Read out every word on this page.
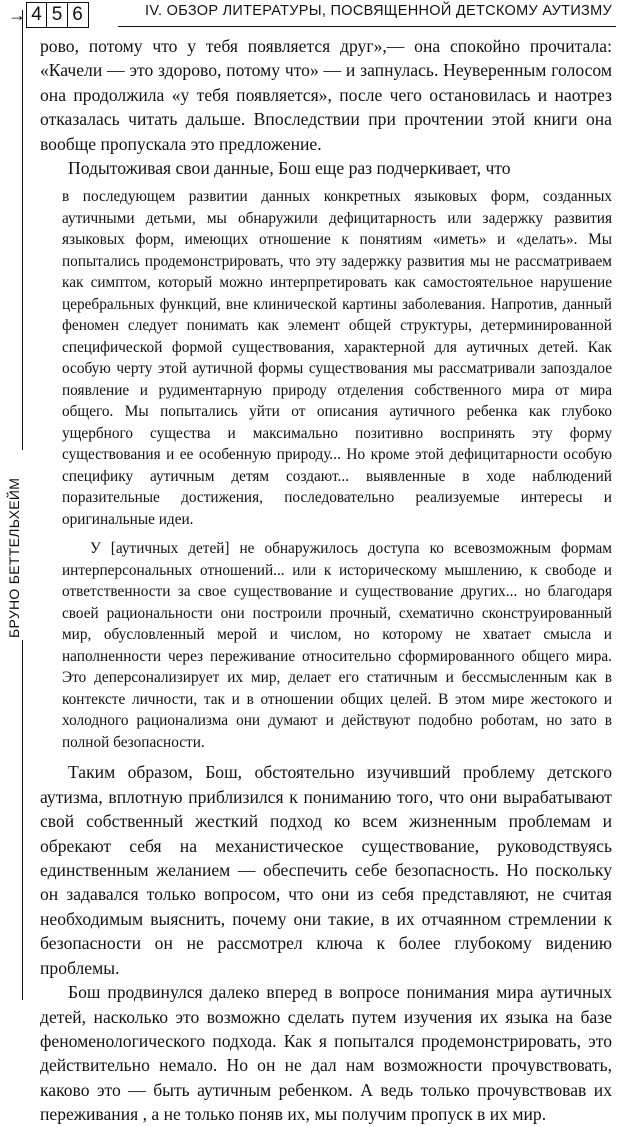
→ 4 5 6	IV. ОБЗОР ЛИТЕРАТУРЫ, ПОСВЯЩЕННОЙ ДЕТСКОМУ АУТИЗМУ
БРУНО БЕТТЕЛЬХЕЙМ

рово, потому что у тебя появляется друг»,— она спокойно прочитала: «Качели — это здорово, потому что» — и запнулась. Неуверенным голосом она продолжила «у тебя появляется», после чего остановилась и наотрез отказалась читать дальше. Впоследствии при прочтении этой книги она вообще пропускала это предложение.

Подытоживая свои данные, Бош еще раз подчеркивает, что

в последующем развитии данных конкретных языковых форм, созданных аутичными детьми, мы обнаружили дефицитарность или задержку развития языковых форм, имеющих отношение к понятиям «иметь» и «делать». Мы попытались продемонстрировать, что эту задержку развития мы не рассматриваем как симптом, который можно интерпретировать как самостоятельное нарушение церебральных функций, вне клинической картины заболевания. Напротив, данный феномен следует понимать как элемент общей структуры, детерминированной специфической формой существования, характерной для аутичных детей. Как особую черту этой аутичной формы существования мы рассматривали запоздалое появление и рудиментарную природу отделения собственного мира от мира общего. Мы попытались уйти от описания аутичного ребенка как глубоко ущербного существа и максимально позитивно воспринять эту форму существования и ее особенную природу... Но кроме этой дефицитарности особую специфику аутичным детям создают... выявленные в ходе наблюдений поразительные достижения, последовательно реализуемые интересы и оригинальные идеи.

У [аутичных детей] не обнаружилось доступа ко всевозможным формам интерперсональных отношений... или к историческому мышлению, к свободе и ответственности за свое существование и существование других... но благодаря своей рациональности они построили прочный, схематично сконструированный мир, обусловленный мерой и числом, но которому не хватает смысла и наполненности через переживание относительно сформированного общего мира. Это деперсонализирует их мир, делает его статичным и бессмысленным как в контексте личности, так и в отношении общих целей. В этом мире жестокого и холодного рационализма они думают и действуют подобно роботам, но зато в полной безопасности.

Таким образом, Бош, обстоятельно изучивший проблему детского аутизма, вплотную приблизился к пониманию того, что они вырабатывают свой собственный жесткий подход ко всем жизненным проблемам и обрекают себя на механистическое существование, руководствуясь единственным желанием — обеспечить себе безопасность. Но поскольку он задавался только вопросом, что они из себя представляют, не считая необходимым выяснить, почему они такие, в их отчаянном стремлении к безопасности он не рассмотрел ключа к более глубокому видению проблемы.

Бош продвинулся далеко вперед в вопросе понимания мира аутичных детей, насколько это возможно сделать путем изучения их языка на базе феноменологического подхода. Как я попытался продемонстрировать, это действительно немало. Но он не дал нам возможности прочувствовать, каково это — быть аутичным ребенком. А ведь только прочувствовав их переживания , а не только поняв их, мы получим пропуск в их мир.
